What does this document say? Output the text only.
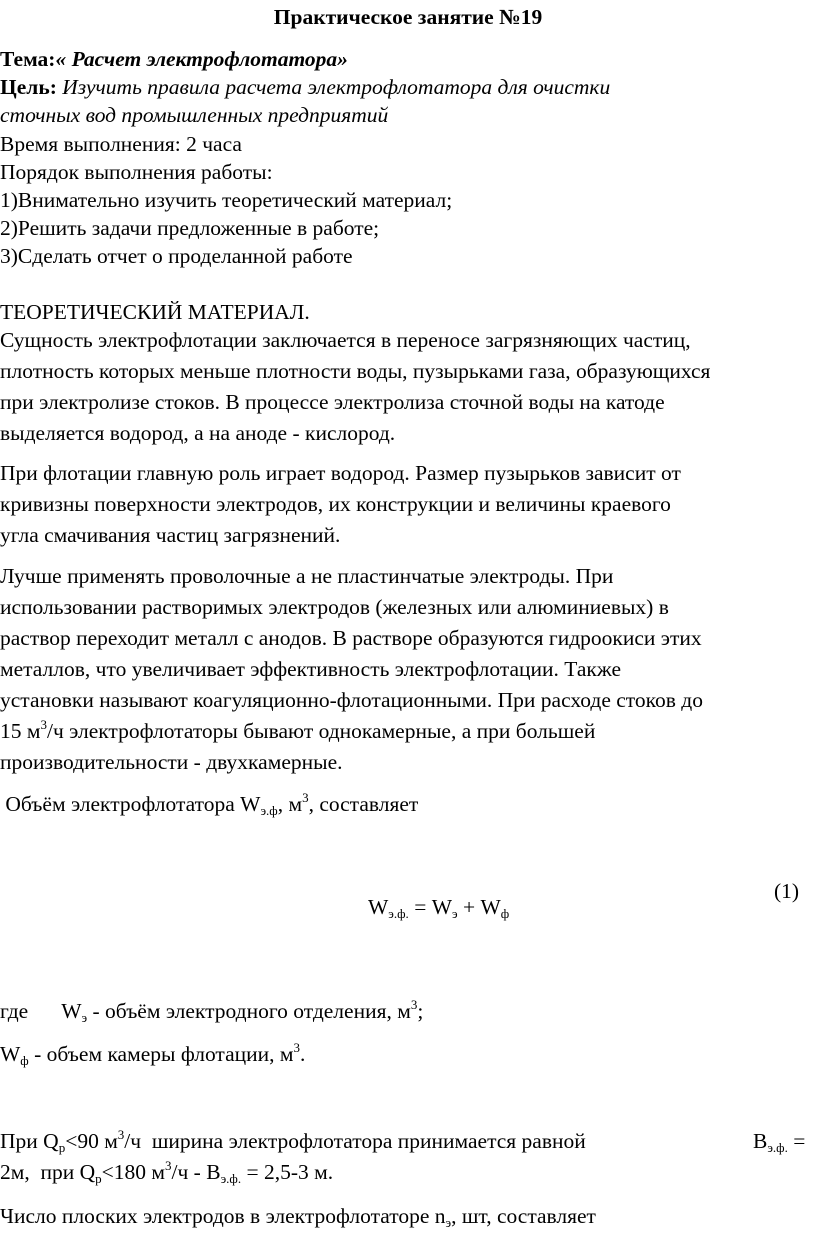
Практическое занятие №19
Тема:« Расчет электрофлотатора»
Цель: Изучить правила расчета электрофлотатора для очистки
сточных вод промышленных предприятий
Время выполнения: 2 часа
Порядок выполнения работы:
1)Внимательно изучить теоретический материал;
2)Решить задачи предложенные в работе;
3)Сделать отчет о проделанной работе
ТЕОРЕТИЧЕСКИЙ МАТЕРИАЛ.
Сущность электрофлотации заключается в переносе загрязняющих частиц,
плотность которых меньше плотности воды, пузырьками газа, образующихся
при электролизе стоков. В процессе электролиза сточной воды на катоде
выделяется водород, а на аноде - кислород.
При флотации главную роль играет водород. Размер пузырьков зависит от
кривизны поверхности электродов, их конструкции и величины краевого
угла смачивания частиц загрязнений.
Лучше применять проволочные а не пластинчатые электроды. При
использовании растворимых электродов (железных или алюминиевых) в
раствор переходит металл с анодов. В растворе образуются гидроокиси этих
металлов, что увеличивает эффективность электрофлотации. Также
установки называют коагуляционно-флотационными. При расходе стоков до
15 $м^3/ч$ электрофлотаторы бывают однокамерные, а при большей
производительности - двухкамерные.
Объём электрофлотатора $W_{э.ф}$, $м^3$, составляет
$W_{э.ф.} = W_э + W_ф$
(1)
где $W_э$ - объём электродного отделения, $м^3$;
$W_ф$ - объем камеры флотации, $м^3$.
При $Q_р<90$ $м^3/ч$  ширина электрофлотатора принимается равной	$В_{э.ф.}$ =
2м,  при $Q_р<180$ $м^3/ч - В_{э.ф.} = 2,5-3$ м.
Число плоских электродов в электрофлотаторе $n_э$, шт, составляет
